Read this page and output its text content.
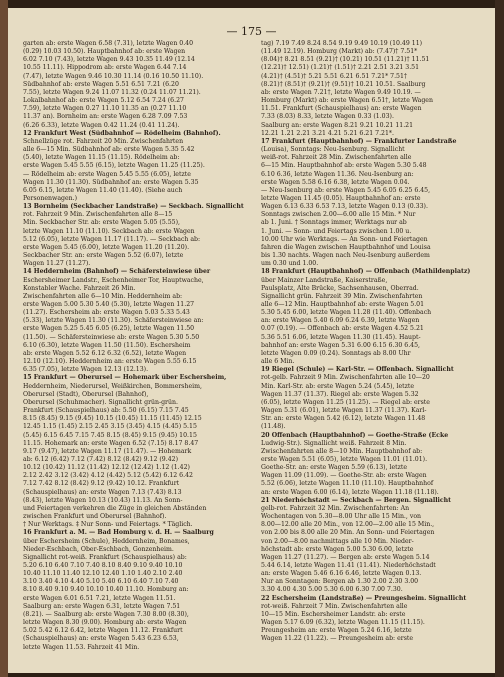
— 175 —
garten ab: erste Wagen 6.58 (7.31), letzte Wagen 0.40
(0.29) 10.03 10.50). Hauptbahnhof ab: erste Wagen
6.02 7.10 (7.43), letzte Wagen 9.43 10.35 11.49 (12.14
10.55 11.11). Hippodrom ab: erste Wagen 6.44 7.14
(7.47), letzte Wagen 9.46 10.30 11.14 (0.16 10.50 11.10).
Südbahnhof ab: erste Wagen 5.51 6.51 7.21 (6.20
7.55), letzte Wagen 9.24 11.07 11.32 (0.24 11.07 11.21).
Lokalbahnhof ab: erste Wagen 5.12 6.54 7.24 (6.27
7.59), letzte Wagen 0.27 11.10 11.35 an (0.27 11.10
11.37 an). Bornheim an: erste Wagen 6.28 7.09 7.53
(6.26 6.33), letzte Wagen 0.42 11.24 (0.41 11.24).
12 Frankfurt West (Südbahnhof — Rödelheim (Bahnhof).
Schnellzüge rot. Fahrzeit 20 Min. Zwischenfahrten
alle 6—15 Min. Südbahnhof ab: erste Wagen 5.35 5.42
(5.40), letzte Wagen 11.15 (11.15). Rödelheim ab:
erste Wagen 5.45 5.55 (6.15), letzte Wagen 11.25 (11.25).
— Rödelheim ab: erste Wagen 5.45 5.55 (6.05), letzte
Wagen 11.30 (11.30). Südbahnhof an: erste Wagen 5.35
6.05 6.15, letzte Wagen 11.40 (11.40). (Siehe auch
Personenwagen.)
13 Bornheim (Seckbacher Landstraße) — Seckbach. Signallicht
rot. Fahrzeit 9 Min. Zwischenfahrten alle 8—15
Min. Seckbacher Str. ab: erste Wagen 5.05 (5.55),
letzte Wagen 11.10 (11.10). Seckbach ab: erste Wagen
5.12 (6.05), letzte Wagen 11.17 (11.17). — Seckbach ab:
erste Wagen 5.45 (6.00), letzte Wagen 11.20 (11.20).
Seckbacher Str. an: erste Wagen 5.52 (6.07), letzte
Wagen 11.27 (11.27).
14 Heddernheim (Bahnhof) — Schäfersteinwiese über
Eschersheimer Landstr., Eschenheimer Tor, Hauptwache,
Konstabler Wache. Fahrzeit 26 Min.
Zwischenfahrten alle 6—10 Min. Heddernheim ab:
erste Wagen 5.00 5.30 5.40 (5.30), letzte Wagen 11.27
(11.27). Eschersheim ab: erste Wagen 5.03 5.33 5.43
(5.33), letzte Wagen 11.30 (11.30). Schäfersteinwiese an:
erste Wagen 5.25 5.45 6.05 (6.25), letzte Wagen 11.50
(11.50). — Schäfersteinwiese ab: erste Wagen 5.30 5.50
6.10 (6.30), letzte Wagen 11.50 (11.50). Eschersheim
ab: erste Wagen 5.52 6.12 6.32 (6.52), letzte Wagen
12.10 (12.10). Heddernheim an: erste Wagen 5.55 6.15
6.35 (7.05), letzte Wagen 12.13 (12.13).
15 Frankfurt — Oberursel — Hohemark über Eschersheim,
Heddernheim, Niederursel, Weißkirchen, Bommersheim,
Oberursel (Stadt), Oberursel (Bahnhof),
Oberursel (Schuhmacher). Signallicht grün-grün.
Frankfurt (Schauspielhaus) ab: 5.50 (6.15) 7.15 7.45
8.15 (8.45) 9.15 (9.45) 10.15 (10.45) 11.15 (11.45) 12.15
12.45 1.15 (1.45) 2.15 2.45 3.15 (3.45) 4.15 (4.45) 5.15
(5.45) 6.15 6.45 7.15 7.45 8.15 (8.45) 9.15 (9.45) 10.15
11.15. Hohemark an: erste Wagen 6.52 (7.15) 8.17 8.47
9.17 (9.47), letzte Wagen 11.17 (11.47). — Hohemark
ab: 6.12 (6.42) 7.12 (7.42) 8.12 (8.42) 9.12 (9.42)
10.12 (10.42) 11.12 (11.42) 12.12 (12.42) 1.12 (1.42)
2.12 2.42 3.12 (3.42) 4.12 (4.42) 5.12 (5.42) 6.12 6.42
7.12 7.42 8.12 (8.42) 9.12 (9.42) 10.12. Frankfurt
(Schauspielhaus) an: erste Wagen 7.13 (7.43) 8.13
(8.43), letzte Wagen 10.13 (10.43) 11.13. An Sonn-
und Feiertagen verkehren die Züge in gleichen Abständen
zwischen Frankfurt und Oberursel (Bahnhof).
† Nur Werktags. ‡ Nur Sonn- und Feiertags. * Täglich.
16 Frankfurt a. M. — Bad Homburg v. d. H. — Saalburg
über Eschersheim (Schule), Heddernheim, Bonames,
Nieder-Eschbach, Ober-Eschbach, Gonzenheim.
Signallicht rot-weiß. Frankfurt (Schauspielhaus) ab:
5.20 6.10 6.40 7.10 7.40 8.10 8.40 9.10 9.40 10.10
10.40 11.10 11.40 12.10 12.40 1.10 1.40 2.10 2.40
3.10 3.40 4.10 4.40 5.10 5.40 6.10 6.40 7.10 7.40
8.10 8.40 9.10 9.40 10.10 10.40 11.10. Homburg an:
erste Wagen 6.01 6.51 7.21, letzte Wagen 11.51.
Saalburg an: erste Wagen 6.31, letzte Wagen 7.51
(8.21). — Saalburg ab: erste Wagen 7.30 8.00 (8.30),
letzte Wagen 8.30 (9.00). Homburg ab: erste Wagen
5.02 5.42 6.12 6.42, letzte Wagen 11.12. Frankfurt
(Schauspielhaus) an: erste Wagen 5.43 6.23 6.53,
letzte Wagen 11.53. Fahrzeit 41 Min.
tag) 7.19 7.49 8.24 8.54 9.19 9.49 10.19 (10.49 11)
(11.49 12.19). Homburg (Markt) ab: (7.47)† 7.51*
(8.04)† 8.21 8.51 (9.21)† (10.21) 10.51 (11.21)† 11.51
(12.21)† 12.51) (1.21)† (1.51)† 2.21 2.51 3.21 3.51
(4.21)† (4.51)† 5.21 5.51 6.21 6.51 7.21* 7.51†
(8.21)† (8.51)† (9.21)† (9.51)† 10.21 10.51. Saalburg
ab: erste Wagen 7.21†, letzte Wagen 9.49 10.19. —
Homburg (Markt) ab: erste Wagen 6.51†, letzte Wagen
11.51. Frankfurt (Schauspielhaus) an: erste Wagen
7.33 (8.03) 8.33, letzte Wagen 0.33 (1.03).
Saalburg an: erste Wagen 8.21 9.21 10.21 11.21
12.21 1.21 2.21 3.21 4.21 5.21 6.21 7.21*.
17 Frankfurt (Hauptbahnhof) — Frankfurter Landstraße
(Louisa), Sonntags: Neu-Isenburg. Signallicht
weiß-rot. Fahrzeit 28 Min. Zwischenfahrten alle
6—15 Min. Hauptbahnhof ab: erste Wagen 5.30 5.48
6.10 6.36, letzte Wagen 11.36. Neu-Isenburg an:
erste Wagen 5.58 6.16 6.38, letzte Wagen 0.04.
— Neu-Isenburg ab: erste Wagen 5.45 6.05 6.25 6.45,
letzte Wagen 11.45 (0.05). Hauptbahnhof an: erste
Wagen 6.13 6.33 6.53 7.13, letzte Wagen 0.13 (0.33).
Sonntags zwischen 2.00—6.00 alle 15 Min. * Nur
ab 1. Juni. † Sonntags immer, Werktags nur ab
1. Juni. — Sonn- und Feiertags zwischen 1.00 u.
10.00 Uhr wie Werktags. — An Sonn- und Feiertagen
fahren die Wagen zwischen Hauptbahnhof und Louisa
bis 1.30 nachts. Wagen nach Neu-Isenburg außerdem
um 0.30 und 1.00.
18 Frankfurt (Hauptbahnhof) — Offenbach (Mathildenplatz)
über Mainzer Landstraße, Kaiserstraße,
Paulsplatz, Alte Brücke, Sachsenhausen, Oberrad.
Signallicht grün. Fahrzeit 39 Min. Zwischenfahrten
alle 6—12 Min. Hauptbahnhof ab: erste Wagen 5.01
5.30 5.45 6.00, letzte Wagen 11.28 (11.40). Offenbach
an: erste Wagen 5.40 6.09 6.24 6.39, letzte Wagen
0.07 (0.19). — Offenbach ab: erste Wagen 4.52 5.21
5.36 5.51 6.06, letzte Wagen 11.30 (11.45). Haupt-
bahnhof an: erste Wagen 5.31 6.00 6.15 6.30 6.45,
letzte Wagen 0.09 (0.24). Sonntags ab 8.00 Uhr
alle 6 Min.
19 Riegel (Schule) — Karl-Str. — Offenbach. Signallicht
rot-gelb. Fahrzeit 9 Min. Zwischenfahrten alle 10—20
Min. Karl-Str. ab: erste Wagen 5.24 (5.45), letzte
Wagen 11.37 (11.37). Riegel ab: erste Wagen 5.32
(6.05), letzte Wagen 11.25 (11.25). — Riegel ab: erste
Wagen 5.31 (6.01), letzte Wagen 11.37 (11.37). Karl-
Str. an: erste Wagen 5.42 (6.12), letzte Wagen 11.48
(11.48).
20 Offenbach (Hauptbahnhof) — Goethe-Straße (Ecke
Ludwig-Str.). Signallicht weiß. Fahrzeit 8 Min.
Zwischenfahrten alle 8—10 Min. Hauptbahnhof ab:
erste Wagen 5.51 (6.05), letzte Wagen 11.01 (11.01).
Goethe-Str. an: erste Wagen 5.59 (6.13), letzte
Wagen 11.09 (11.09). — Goethe-Str. ab: erste Wagen
5.52 (6.06), letzte Wagen 11.10 (11.10). Hauptbahnhof
an: erste Wagen 6.00 (6.14), letzte Wagen 11.18 (11.18).
21 Niederhöchstadt — Seckbach — Bergen. Signallicht
gelb-rot. Fahrzeit 32 Min. Zwischenfahrten: An
Wochentagen von 5.30—8.00 Uhr alle 15 Min., von
8.00—12.00 alle 20 Min., von 12.00—2.00 alle 15 Min.,
von 2.00 bis 8.00 alle 20 Min. An Sonn- und Feiertagen
von 2.00—8.00 nachmittags alle 10 Min. Nieder-
höchstadt ab: erste Wagen 5.00 5.30 6.00, letzte
Wagen 11.27 (11.27). — Bergen ab: erste Wagen 5.14
5.44 6.14, letzte Wagen 11.41 (11.41). Niederhöchstadt
an: erste Wagen 5.46 6.16 6.46, letzte Wagen 0.13.
Nur an Sonntagen: Bergen ab 1.30 2.00 2.30 3.00
3.30 4.00 4.30 5.00 5.30 6.00 6.30 7.00 7.30.
22 Eschersheim (Landstraße) — Preungesheim. Signallicht
rot-weiß. Fahrzeit 7 Min. Zwischenfahrten alle
10—15 Min. Eschersheimer Landstr. ab: erste
Wagen 5.17 6.09 (6.32), letzte Wagen 11.15 (11.15).
Preungesheim an: erste Wagen 5.24 6.16, letzte
Wagen 11.22 (11.22). — Preungesheim ab: erste
